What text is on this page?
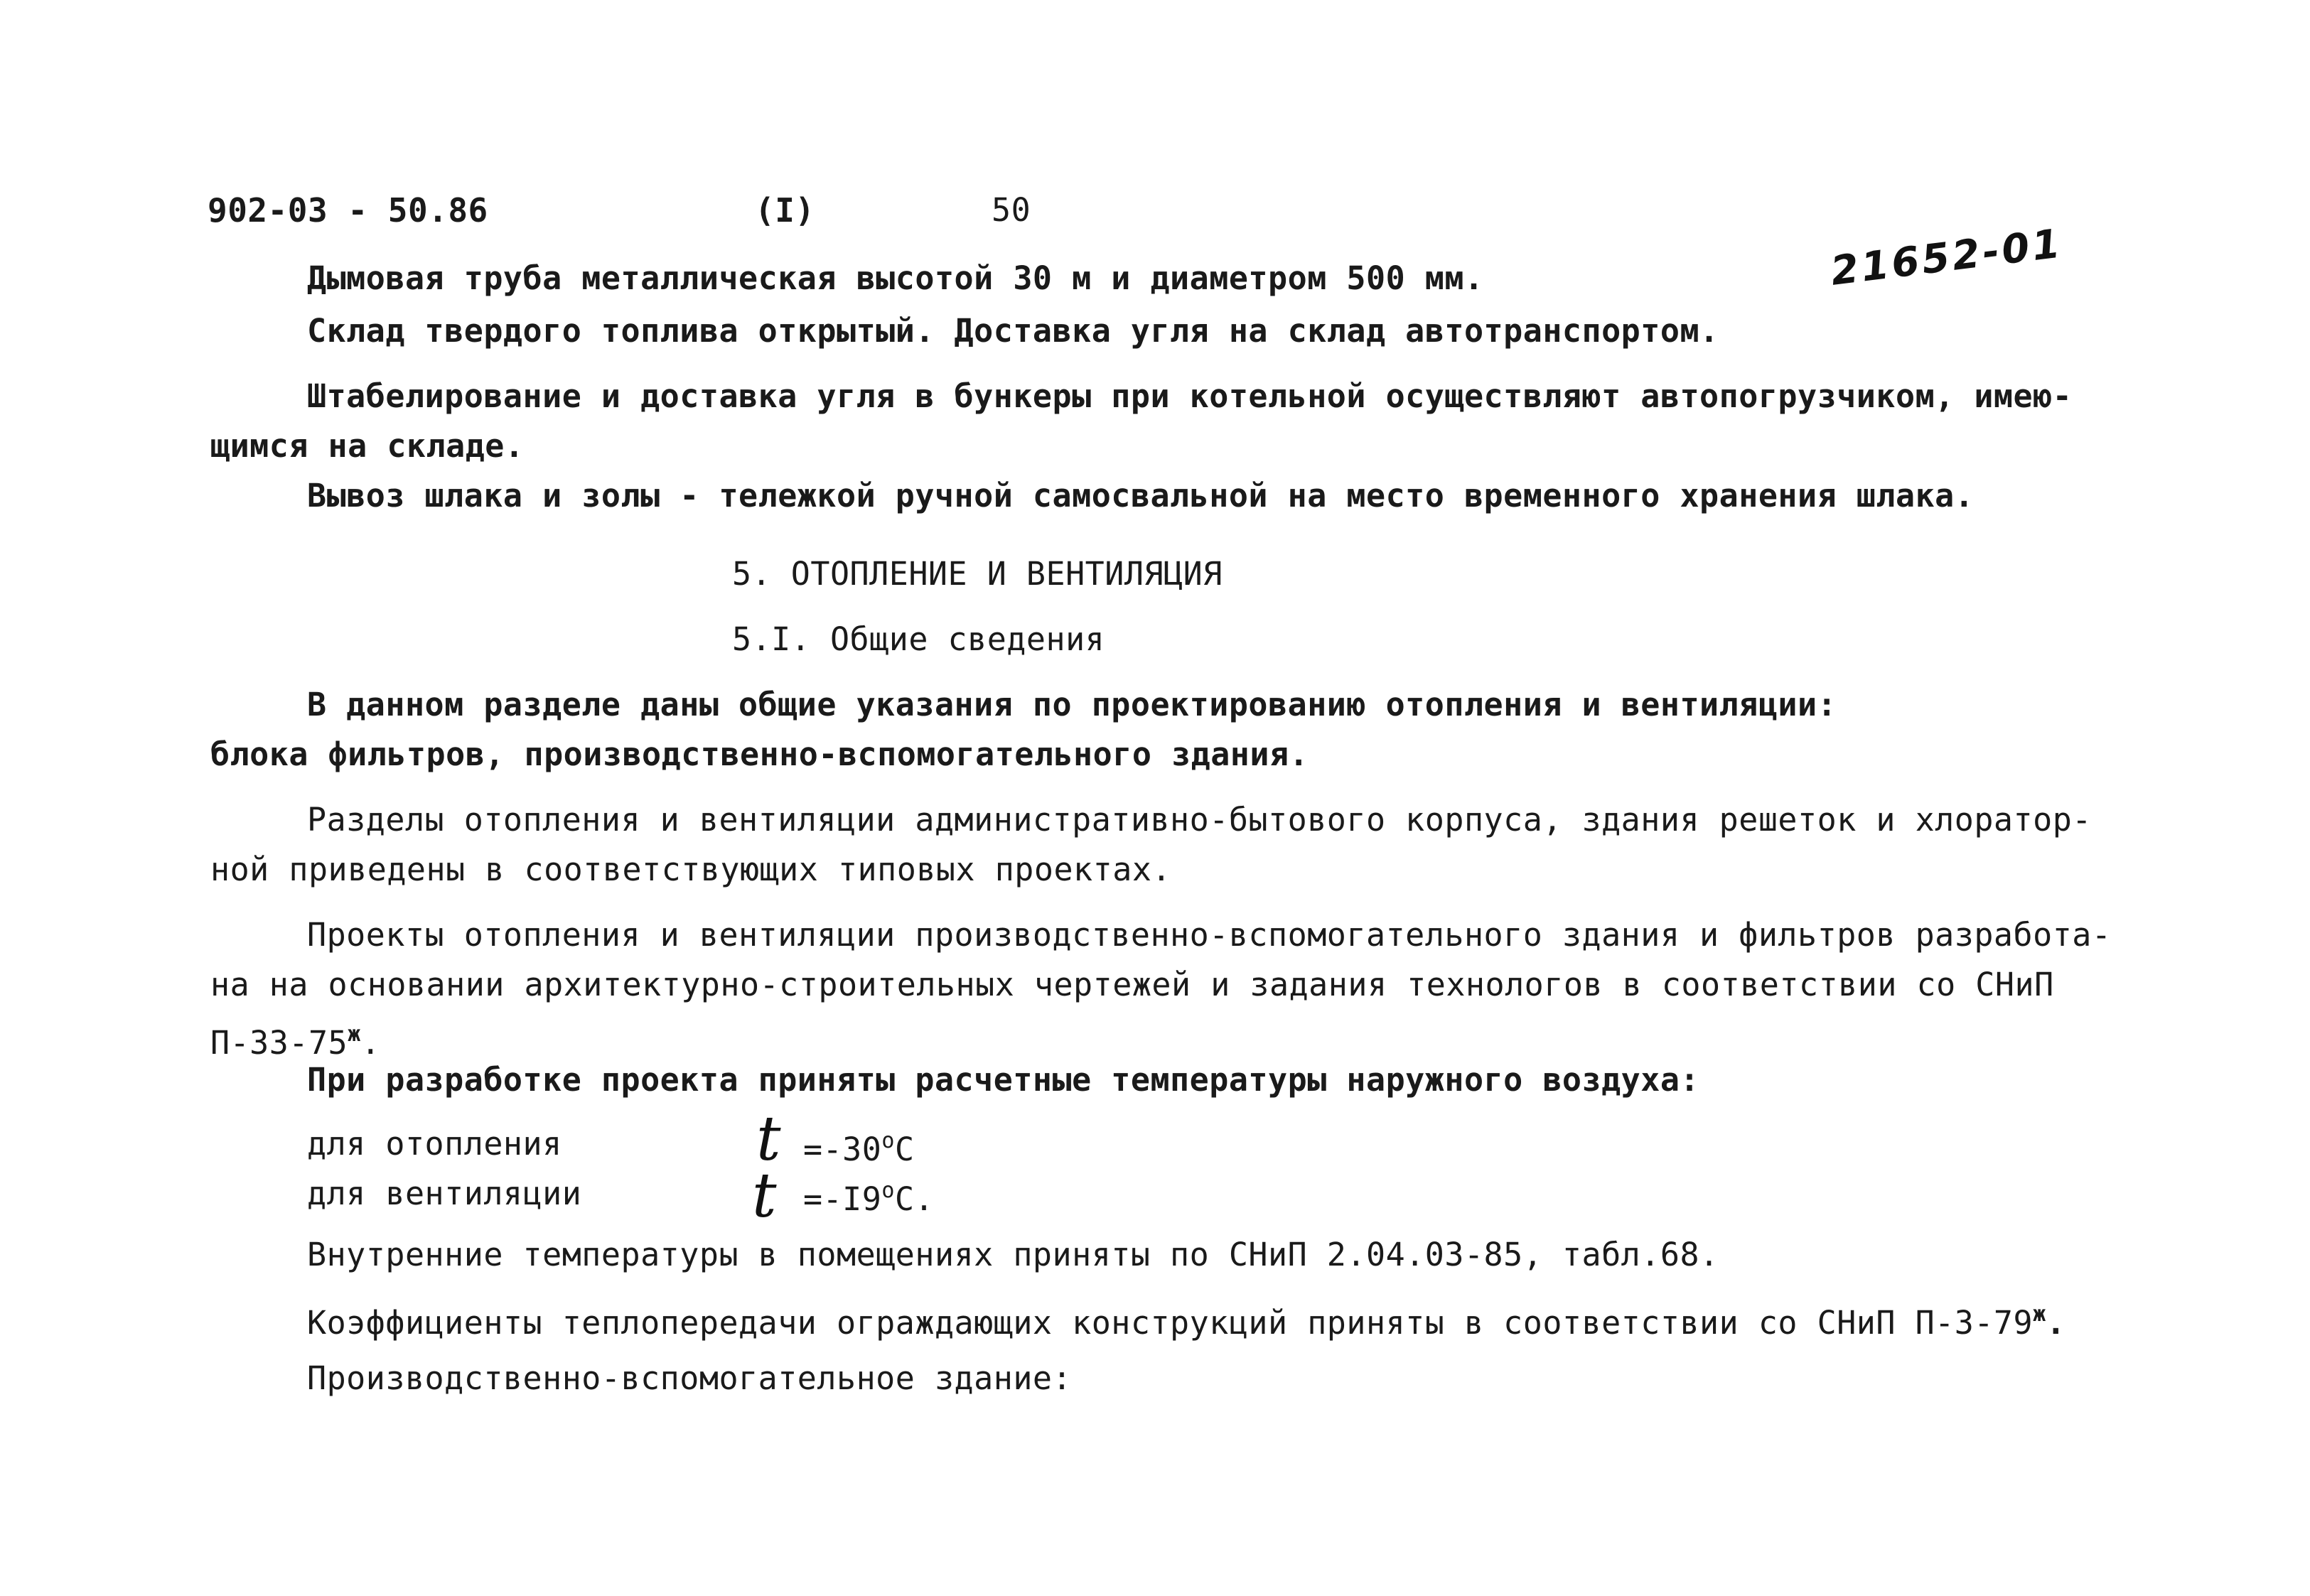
902-03 - 50.86	(I)	50
21652-01
Дымовая труба металлическая высотой 30 м и диаметром 500 мм.
Склад твердого топлива открытый. Доставка угля на склад автотранспортом.
Штабелирование и доставка угля в бункеры при котельной осуществляют автопогрузчиком, имею-
щимся на складе.
Вывоз шлака и золы - тележкой ручной самосвальной на место временного хранения шлака.
5. ОТОПЛЕНИЕ И ВЕНТИЛЯЦИЯ
5.I. Общие сведения
В данном разделе даны общие указания по проектированию отопления и вентиляции:
блока фильтров, производственно-вспомогательного здания.
Разделы отопления и вентиляции административно-бытового корпуса, здания решеток и хлоратор-
ной приведены в соответствующих типовых проектах.
Проекты отопления и вентиляции производственно-вспомогательного здания и фильтров разработа-
на на основании архитектурно-строительных чертежей и задания технологов в соответствии со СНиП
$П-33-75^ж$.
При разработке проекта приняты расчетные температуры наружного воздуха:
для отопления	$t =-30^oC$
для вентиляции	$t =-I9^oC$.
Внутренние температуры в помещениях приняты по СНиП 2.04.03-85, табл.68.
Коэффициенты теплопередачи ограждающих конструкций приняты в соответствии со СНиП $П-3-79^ж$.
Производственно-вспомогательное здание:
